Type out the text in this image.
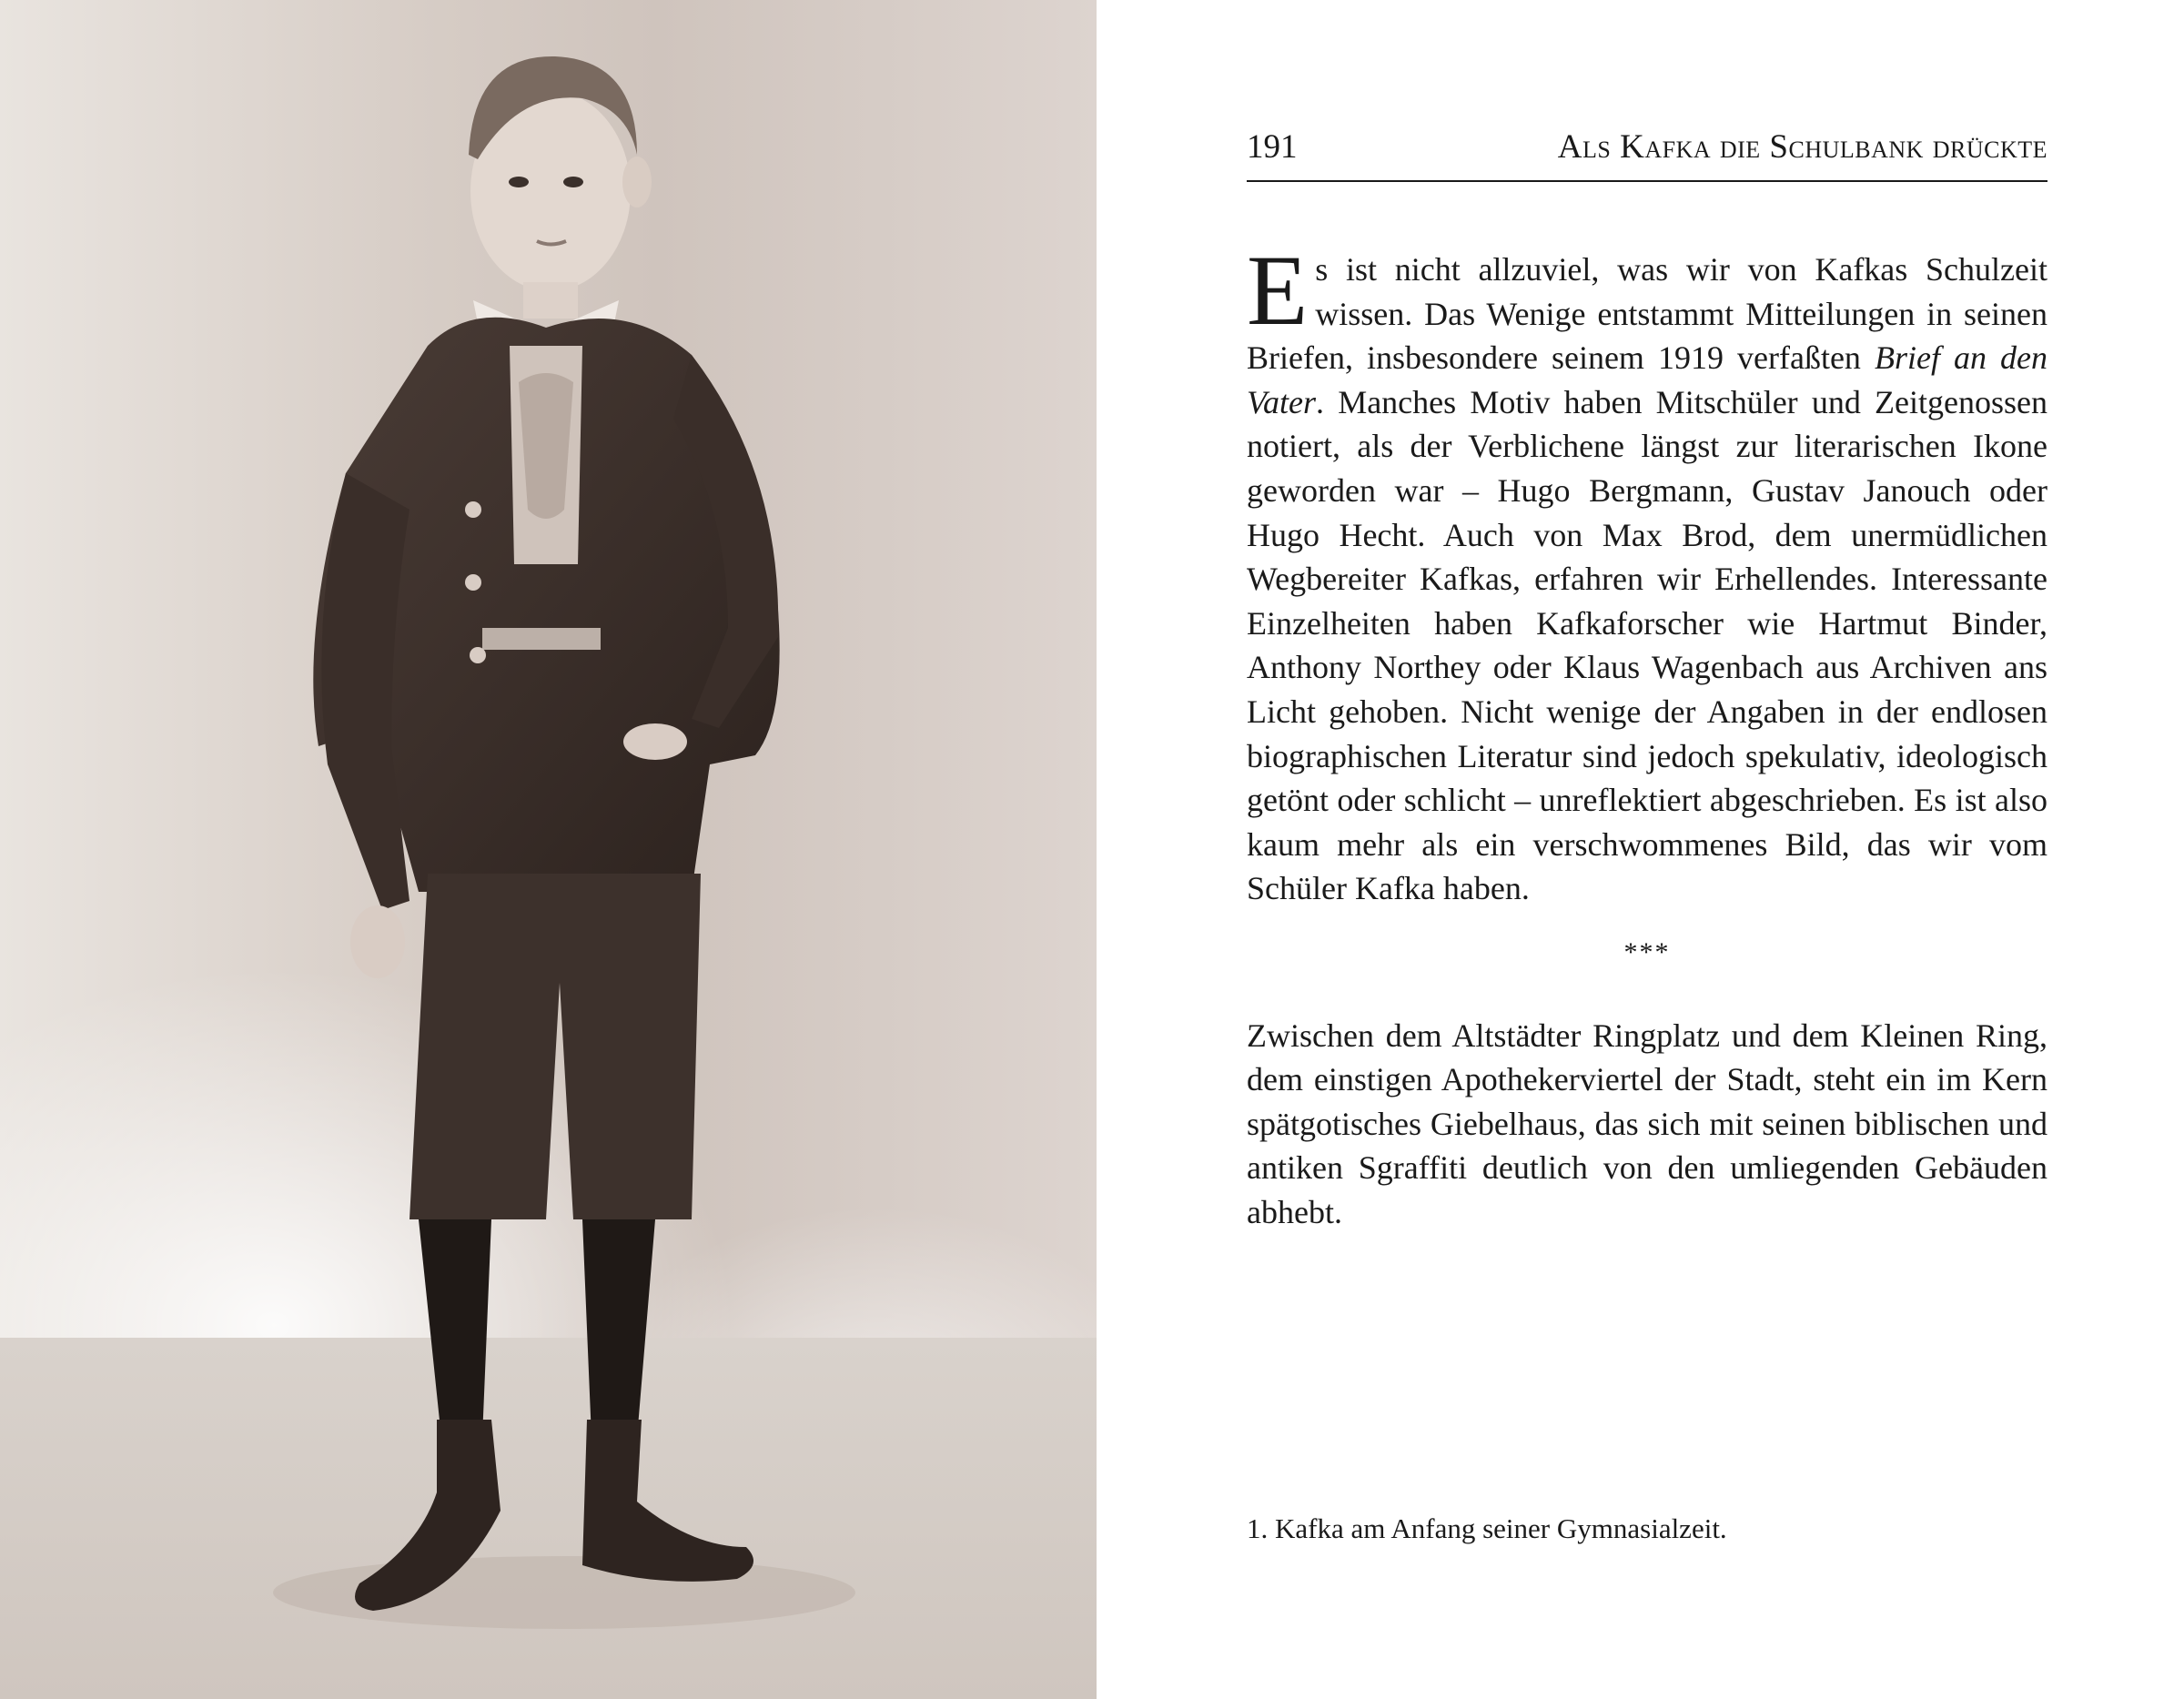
191	Als Kafka die Schulbank drückte

Es ist nicht allzuviel, was wir von Kafkas Schulzeit wissen. Das Wenige entstammt Mitteilungen in seinen Briefen, insbesondere seinem 1919 verfaßten Brief an den Vater. Manches Motiv haben Mitschüler und Zeitgenossen notiert, als der Verblichene längst zur literarischen Ikone geworden war – Hugo Bergmann, Gustav Janouch oder Hugo Hecht. Auch von Max Brod, dem unermüdlichen Wegbereiter Kafkas, erfahren wir Erhellendes. Interessante Einzelheiten haben Kafkaforscher wie Hartmut Binder, Anthony Northey oder Klaus Wagenbach aus Archiven ans Licht gehoben. Nicht wenige der Angaben in der endlosen biographischen Literatur sind jedoch spekulativ, ideologisch getönt oder schlicht – unreflektiert abgeschrieben. Es ist also kaum mehr als ein verschwommenes Bild, das wir vom Schüler Kafka haben.

***

Zwischen dem Altstädter Ringplatz und dem Kleinen Ring, dem einstigen Apothekerviertel der Stadt, steht ein im Kern spätgotisches Giebelhaus, das sich mit seinen biblischen und antiken Sgraffiti deutlich von den umliegenden Gebäuden abhebt.

1. Kafka am Anfang seiner Gymnasialzeit.
